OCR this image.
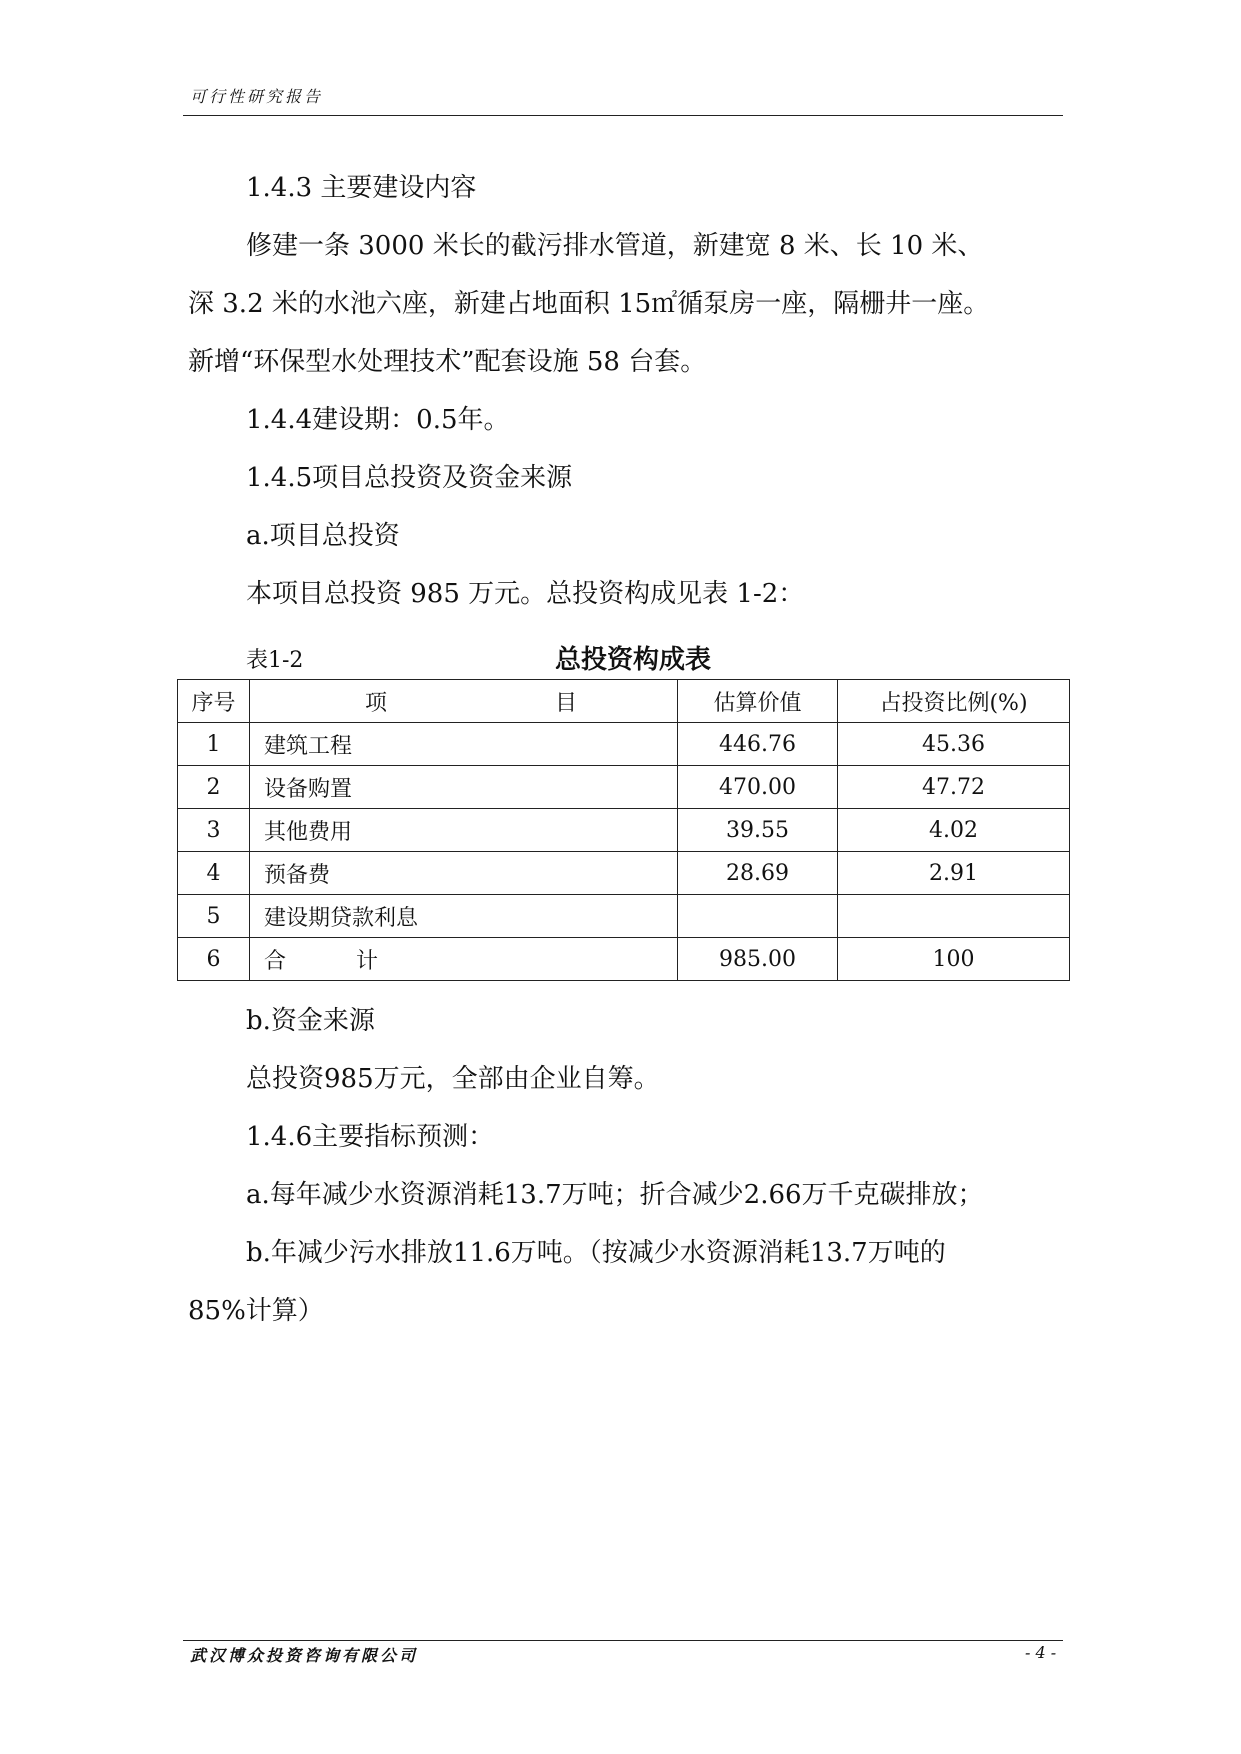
可行性研究报告
1.4.3 主要建设内容
修建一条 3000 米长的截污排水管道，新建宽 8 米、长 10 米、
深 3.2 米的水池六座，新建占地面积 15㎡循泵房一座，隔栅井一座。
新增“环保型水处理技术”配套设施 58 台套。
1.4.4建设期：0.5年。
1.4.5项目总投资及资金来源
a.项目总投资
本项目总投资 985 万元。总投资构成见表 1-2：
表1-2	总投资构成表
序号	项 目	估算价值	占投资比例(%)
1	建筑工程	446.76	45.36
2	设备购置	470.00	47.72
3	其他费用	39.55	4.02
4	预备费	28.69	2.91
5	建设期贷款利息		
6	合 计	985.00	100
b.资金来源
总投资985万元，全部由企业自筹。
1.4.6主要指标预测：
a.每年减少水资源消耗13.7万吨；折合减少2.66万千克碳排放；
b.年减少污水排放11.6万吨。（按减少水资源消耗13.7万吨的
85%计算）
武汉博众投资咨询有限公司	- 4 -
